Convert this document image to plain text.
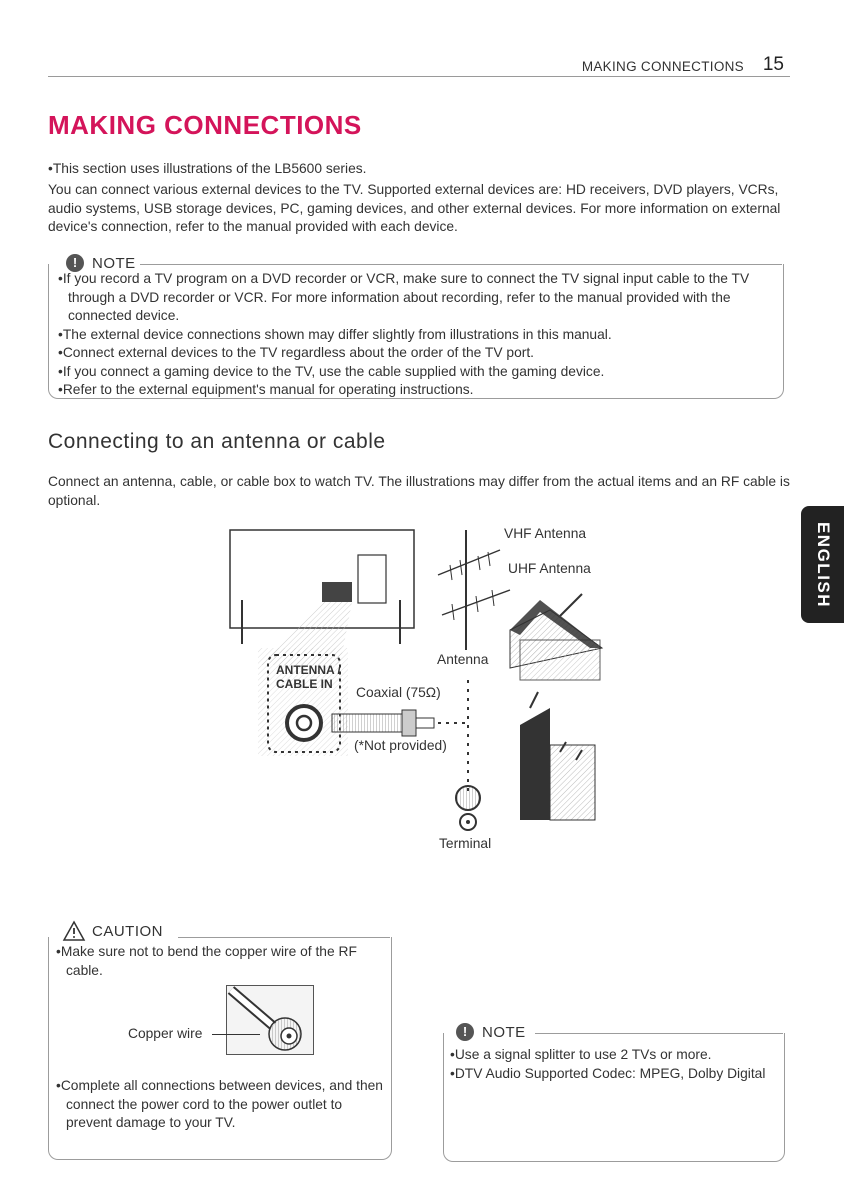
MAKING CONNECTIONS 15
MAKING CONNECTIONS

• This section uses illustrations of the LB5600 series.

You can connect various external devices to the TV. Supported external devices are: HD receivers, DVD players, VCRs, audio systems, USB storage devices, PC, gaming devices, and other external devices. For more information on external device's connection, refer to the manual provided with each device.

! NOTE
• If you record a TV program on a DVD recorder or VCR, make sure to connect the TV signal input cable to the TV through a DVD recorder or VCR. For more information about recording, refer to the manual provided with the connected device.
• The external device connections shown may differ slightly from illustrations in this manual.
• Connect external devices to the TV regardless about the order of the TV port.
• If you connect a gaming device to the TV, use the cable supplied with the gaming device.
• Refer to the external equipment's manual for operating instructions.
Connecting to an antenna or cable

Connect an antenna, cable, or cable box to watch TV. The illustrations may differ from the actual items and an RF cable is optional.

VHF Antenna
UHF Antenna
Antenna
ANTENNA /
CABLE IN
Coaxial (75Ω)
(*Not provided)
Terminal
ENGLISH
CAUTION
• Make sure not to bend the copper wire of the RF cable.
Copper wire
• Complete all connections between devices, and then connect the power cord to the power outlet to prevent damage to your TV.
! NOTE
• Use a signal splitter to use 2 TVs or more.
• DTV Audio Supported Codec: MPEG, Dolby Digital
